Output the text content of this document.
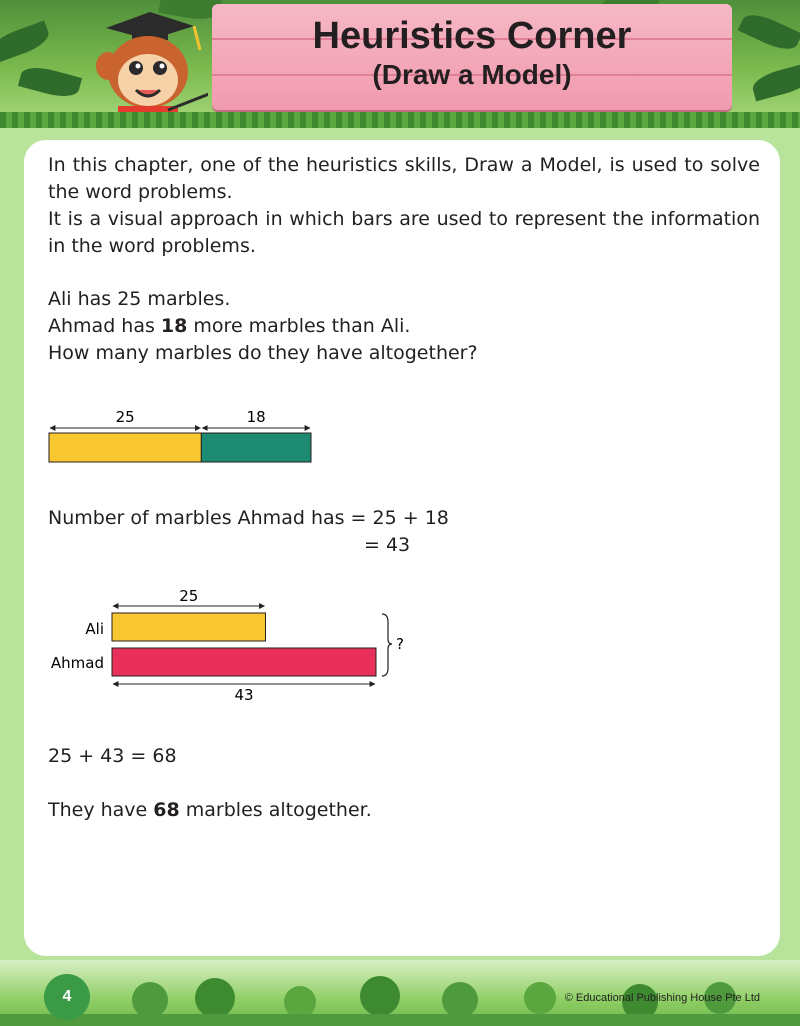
Heuristics Corner
(Draw a Model)
In this chapter, one of the heuristics skills, Draw a Model, is used to solve the word problems.
It is a visual approach in which bars are used to represent the information in the word problems.
Ali has 25 marbles.
Ahmad has 18 more marbles than Ali.
How many marbles do they have altogether?
25	18
Number of marbles Ahmad has = 25 + 18
= 43
25
Ali
Ahmad
43
?
25 + 43 = 68
They have 68 marbles altogether.
4	© Educational Publishing House Pte Ltd
